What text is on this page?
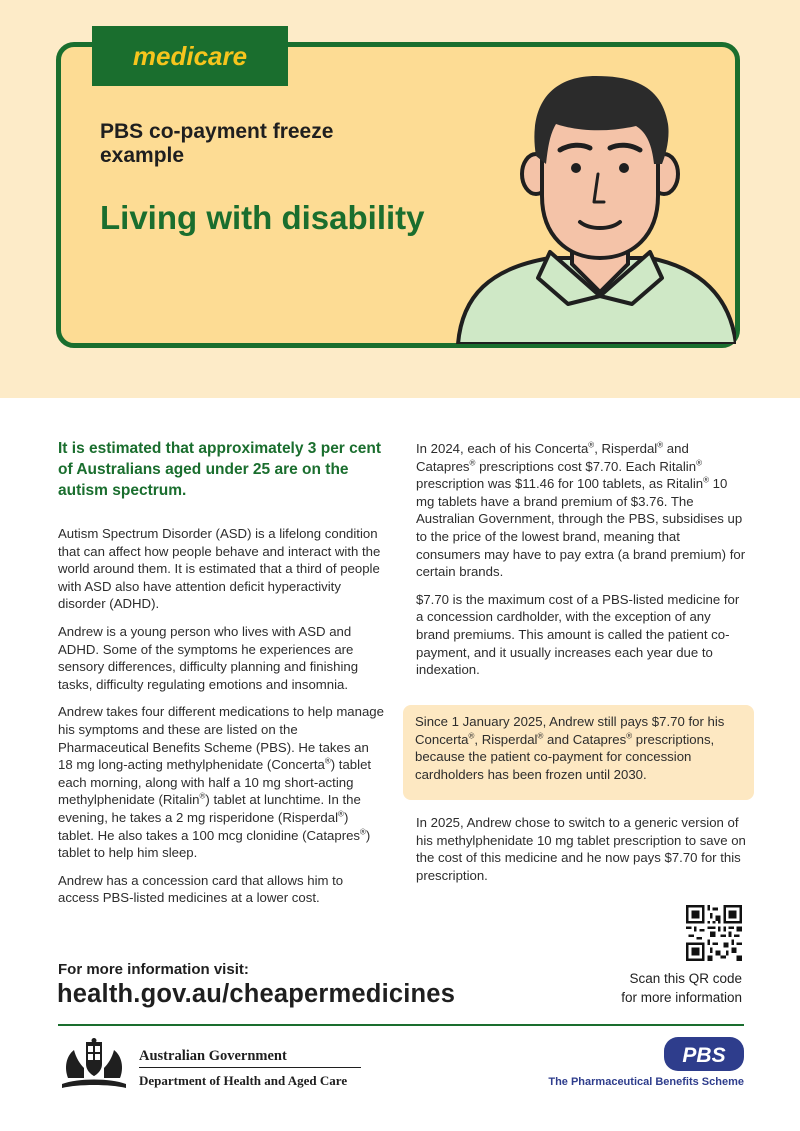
medicare
PBS co-payment freeze example
Living with disability
It is estimated that approximately 3 per cent of Australians aged under 25 are on the autism spectrum.

Autism Spectrum Disorder (ASD) is a lifelong condition that can affect how people behave and interact with the world around them. It is estimated that a third of people with ASD also have attention deficit hyperactivity disorder (ADHD).

Andrew is a young person who lives with ASD and ADHD. Some of the symptoms he experiences are sensory differences, difficulty planning and finishing tasks, difficulty regulating emotions and insomnia.

Andrew takes four different medications to help manage his symptoms and these are listed on the Pharmaceutical Benefits Scheme (PBS). He takes an 18 mg long-acting methylphenidate (Concerta®) tablet each morning, along with half a 10 mg short-acting methylphenidate (Ritalin®) tablet at lunchtime. In the evening, he takes a 2 mg risperidone (Risperdal®) tablet. He also takes a 100 mcg clonidine (Catapres®) tablet to help him sleep.

Andrew has a concession card that allows him to access PBS-listed medicines at a lower cost.

In 2024, each of his Concerta®, Risperdal® and Catapres® prescriptions cost $7.70. Each Ritalin® prescription was $11.46 for 100 tablets, as Ritalin® 10 mg tablets have a brand premium of $3.76. The Australian Government, through the PBS, subsidises up to the price of the lowest brand, meaning that consumers may have to pay extra (a brand premium) for certain brands.

$7.70 is the maximum cost of a PBS-listed medicine for a concession cardholder, with the exception of any brand premiums. This amount is called the patient co-payment, and it usually increases each year due to indexation.

Since 1 January 2025, Andrew still pays $7.70 for his Concerta®, Risperdal® and Catapres® prescriptions, because the patient co-payment for concession cardholders has been frozen until 2030.

In 2025, Andrew chose to switch to a generic version of his methylphenidate 10 mg tablet prescription to save on the cost of this medicine and he now pays $7.70 for this prescription.

Scan this QR code
for more information
For more information visit:
health.gov.au/cheapermedicines
Australian Government
Department of Health and Aged Care
PBS
The Pharmaceutical Benefits Scheme
